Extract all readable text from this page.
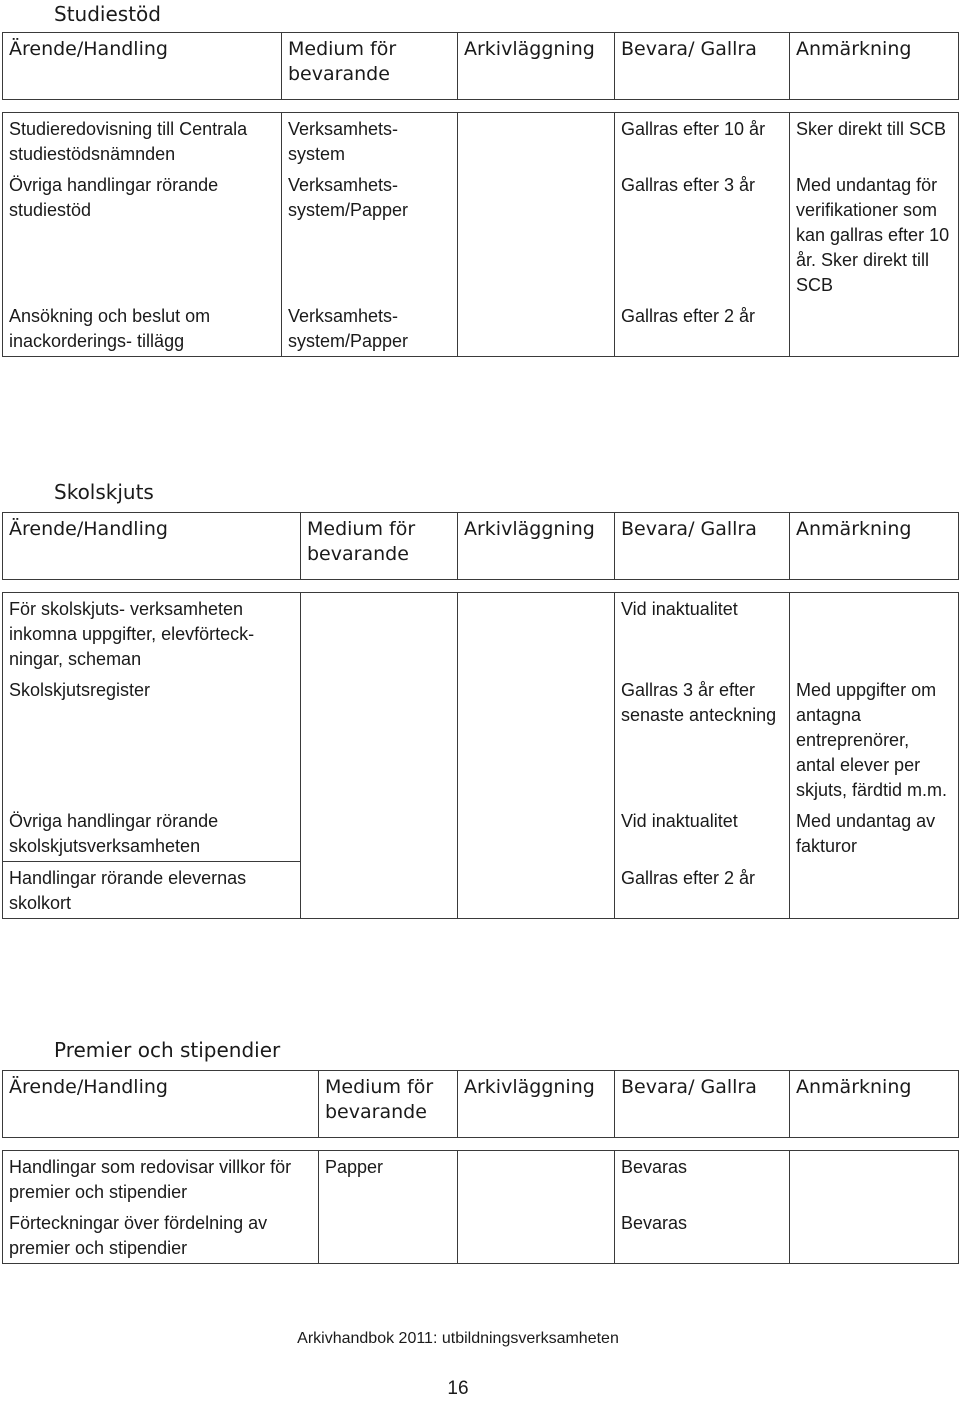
Studiestöd
Ärende/Handling	Medium för bevarande	Arkivläggning	Bevara/ Gallra	Anmärkning

Studieredovisning till Centrala studiestödsnämnden	Verksamhets- system		Gallras efter 10 år	Sker direkt till SCB
Övriga handlingar rörande studiestöd	Verksamhets- system/Papper		Gallras efter 3 år	Med undantag för verifikationer som kan gallras efter 10 år. Sker direkt till SCB
Ansökning och beslut om inackorderings- tillägg	Verksamhets- system/Papper		Gallras efter 2 år	
Skolskjuts
Ärende/Handling	Medium för bevarande	Arkivläggning	Bevara/ Gallra	Anmärkning

För skolskjuts- verksamheten inkomna uppgifter, elevförteck- ningar, scheman			Vid inaktualitet	
Skolskjutsregister			Gallras 3 år efter senaste anteckning	Med uppgifter om antagna entreprenörer, antal elever per skjuts, färdtid m.m.
Övriga handlingar rörande skolskjutsverksamheten			Vid inaktualitet	Med undantag av fakturor
Handlingar rörande elevernas skolkort			Gallras efter 2 år	
Premier och stipendier
Ärende/Handling	Medium för bevarande	Arkivläggning	Bevara/ Gallra	Anmärkning

Handlingar som redovisar villkor för premier och stipendier	Papper		Bevaras	
Förteckningar över fördelning av premier och stipendier			Bevaras	
Arkivhandbok 2011: utbildningsverksamheten
16
